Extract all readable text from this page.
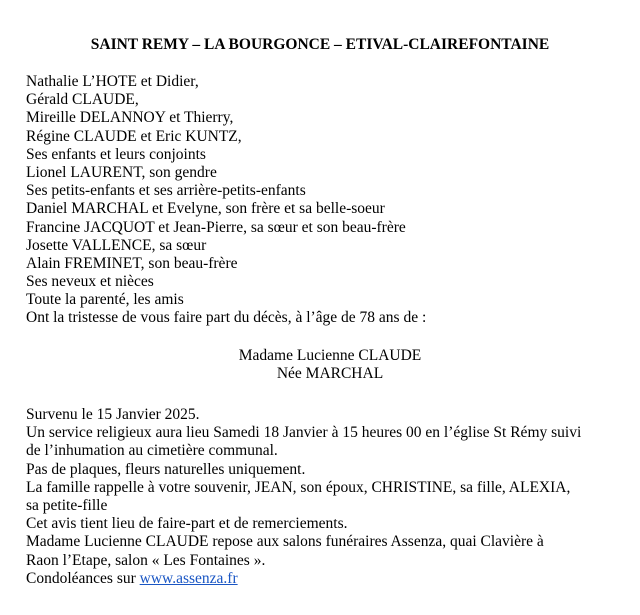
SAINT REMY – LA BOURGONCE – ETIVAL-CLAIREFONTAINE
Nathalie L’HOTE et Didier,
Gérald CLAUDE,
Mireille DELANNOY et Thierry,
Régine CLAUDE et Eric KUNTZ,
Ses enfants et leurs conjoints
Lionel LAURENT, son gendre
Ses petits-enfants et ses arrière-petits-enfants
Daniel MARCHAL et Evelyne, son frère et sa belle-soeur
Francine JACQUOT et Jean-Pierre, sa sœur et son beau-frère
Josette VALLENCE, sa sœur
Alain FREMINET, son beau-frère
Ses neveux et nièces
Toute la parenté, les amis
Ont la tristesse de vous faire part du décès, à l’âge de 78 ans de :
Madame Lucienne CLAUDE
Née MARCHAL
Survenu le 15 Janvier 2025.
Un service religieux aura lieu Samedi 18 Janvier à 15 heures 00 en l’église St Rémy suivi
de l’inhumation au cimetière communal.
Pas de plaques, fleurs naturelles uniquement.
La famille rappelle à votre souvenir, JEAN, son époux, CHRISTINE, sa fille, ALEXIA,
sa petite-fille
Cet avis tient lieu de faire-part et de remerciements.
Madame Lucienne CLAUDE repose aux salons funéraires Assenza, quai Clavière à
Raon l’Etape, salon « Les Fontaines ».
Condoléances sur www.assenza.fr
